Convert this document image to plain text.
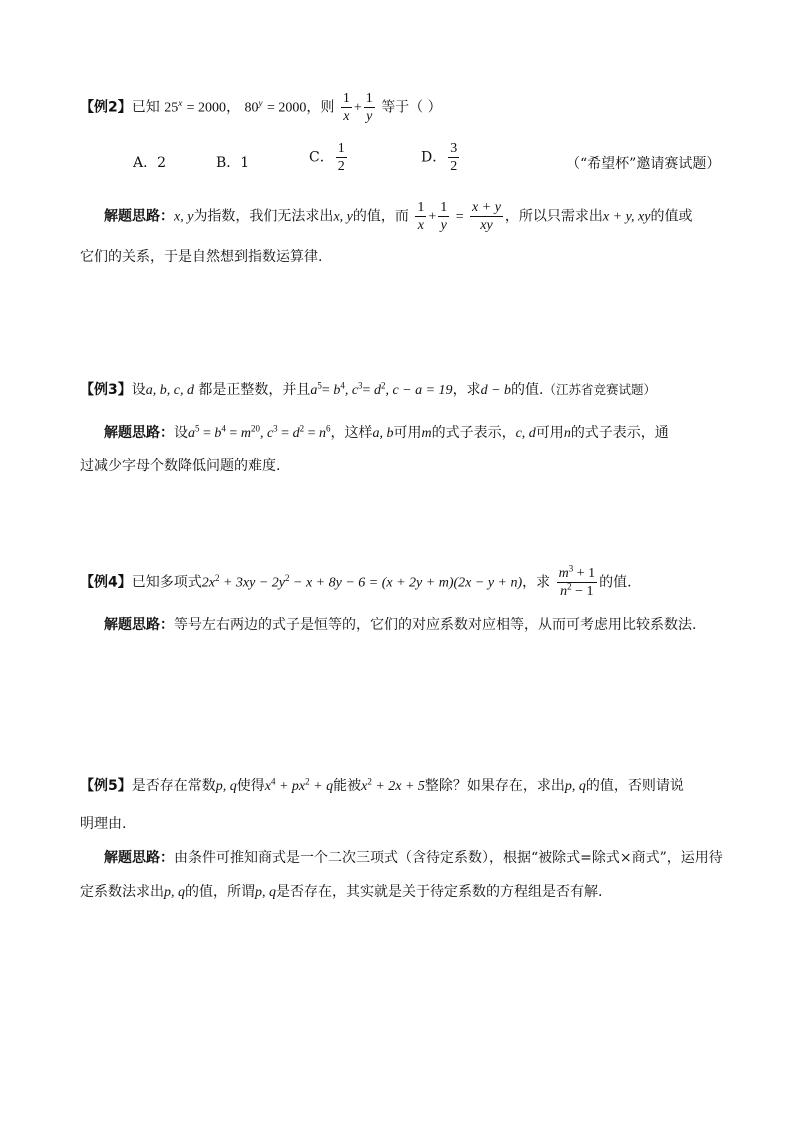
【例2】已知 $25^x = 2000$， $80^y = 2000$，则 $\frac{1}{x} + \frac{1}{y}$ 等于（ ）
A．2	B．1	C． $\frac{1}{2}$	D． $\frac{3}{2}$	（“希望杯”邀请赛试题）
解题思路：x, y为指数，我们无法求出x, y的值，而 $\frac{1}{x} + \frac{1}{y} = \frac{x + y}{xy}$ ，所以只需求出x + y, xy的值或
它们的关系，于是自然想到指数运算律.
【例3】设a, b, c, d 都是正整数，并且$a^5= b^4$, $c^3= d^2$, c − a = 19，求d − b的值.（江苏省竞赛试题）
解题思路：设$a^5 = b^4 = m^{20}$, $c^3 = d^2 = n^6$，这样a, b可用m的式子表示，c, d可用n的式子表示，通
过减少字母个数降低问题的难度.
【例4】已知多项式$2x^2 + 3xy - 2y^2 - x + 8y - 6 = (x + 2y + m)(2x - y + n)$，求 $\frac{m^3 + 1}{n^2 - 1}$ 的值.
解题思路：等号左右两边的式子是恒等的，它们的对应系数对应相等，从而可考虑用比较系数法.
【例5】是否存在常数p, q使得$x^4 + px^2 + q$能被$x^2 + 2x + 5$整除？如果存在，求出p, q的值，否则请说
明理由.
解题思路：由条件可推知商式是一个二次三项式（含待定系数），根据“被除式=除式×商式”，运用待
定系数法求出p, q的值，所谓p, q是否存在，其实就是关于待定系数的方程组是否有解.
